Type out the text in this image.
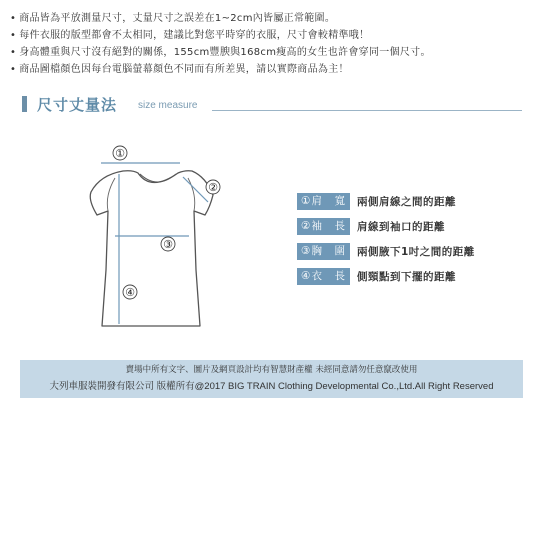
• 商品皆為平放測量尺寸，丈量尺寸之誤差在1~2cm內皆屬正常範圍。
• 每件衣服的版型都會不太相同，建議比對您平時穿的衣服，尺寸會較精準哦！
• 身高體重與尺寸沒有絕對的關係，155cm豐腴與168cm瘦高的女生也許會穿同一個尺寸。
• 商品圖檔顏色因每台電腦螢幕顏色不同而有所差異，請以實際商品為主！
尺寸丈量法 size measure
①
②
③
④
①肩　寬	兩側肩線之間的距離
②袖　長	肩線到袖口的距離
③胸　圍	兩側腋下1吋之間的距離
④衣　長	側頸點到下擺的距離
賣場中所有文字、圖片及網頁設計均有智慧財產權 未經同意請勿任意竄改使用
大列車服裝開發有限公司 版權所有@2017 BIG TRAIN Clothing Developmental Co.,Ltd.All Right Reserved
